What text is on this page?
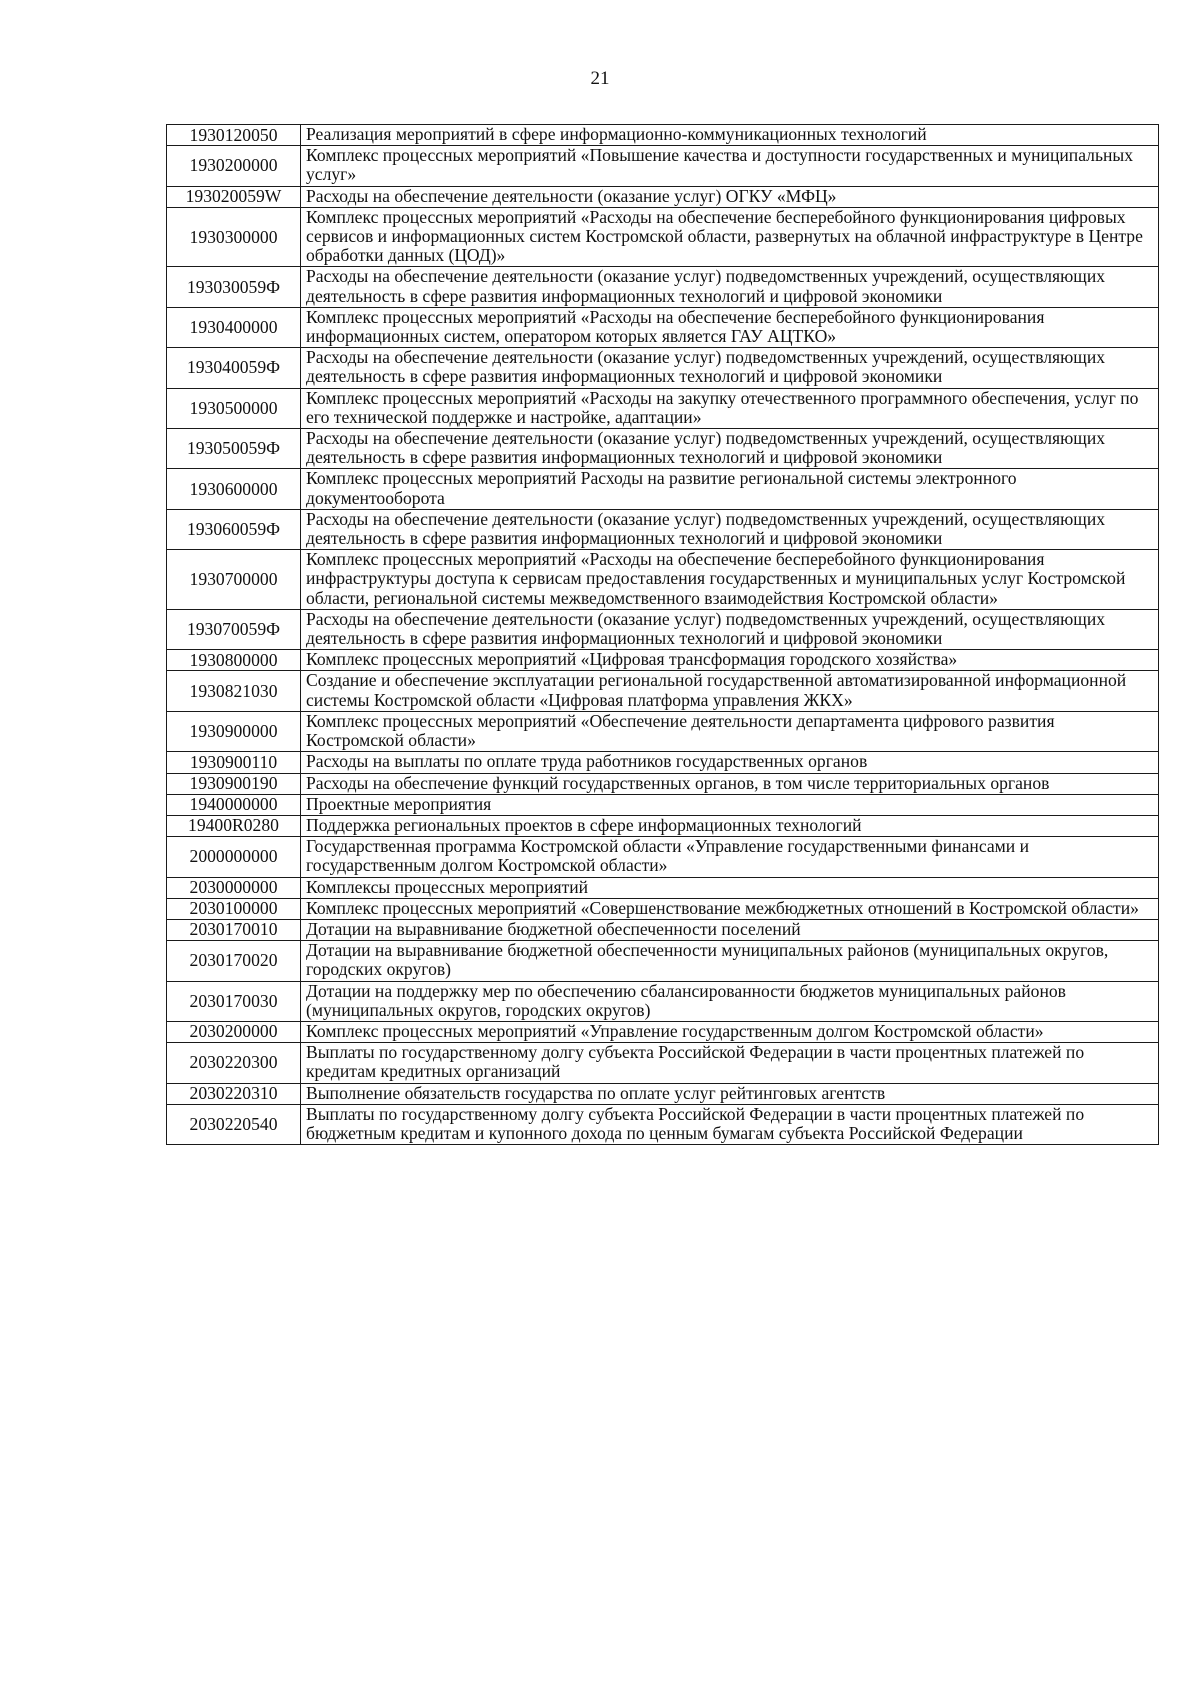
21
1930120050	Реализация мероприятий в сфере информационно-коммуникационных технологий
1930200000	Комплекс процессных мероприятий «Повышение качества и доступности государственных и муниципальных услуг»
193020059W	Расходы на обеспечение деятельности (оказание услуг) ОГКУ «МФЦ»
1930300000	Комплекс процессных мероприятий «Расходы на обеспечение бесперебойного функционирования цифровых сервисов и информационных систем Костромской области, развернутых на облачной инфраструктуре в Центре обработки данных (ЦОД)»
193030059Ф	Расходы на обеспечение деятельности (оказание услуг) подведомственных учреждений, осуществляющих деятельность в сфере развития информационных технологий и цифровой экономики
1930400000	Комплекс процессных мероприятий «Расходы на обеспечение бесперебойного функционирования информационных систем, оператором которых является ГАУ АЦТКО»
193040059Ф	Расходы на обеспечение деятельности (оказание услуг) подведомственных учреждений, осуществляющих деятельность в сфере развития информационных технологий и цифровой экономики
1930500000	Комплекс процессных мероприятий «Расходы на закупку отечественного программного обеспечения, услуг по его технической поддержке и настройке, адаптации»
193050059Ф	Расходы на обеспечение деятельности (оказание услуг) подведомственных учреждений, осуществляющих деятельность в сфере развития информационных технологий и цифровой экономики
1930600000	Комплекс процессных мероприятий Расходы на развитие региональной системы электронного документооборота
193060059Ф	Расходы на обеспечение деятельности (оказание услуг) подведомственных учреждений, осуществляющих деятельность в сфере развития информационных технологий и цифровой экономики
1930700000	Комплекс процессных мероприятий «Расходы на обеспечение бесперебойного функционирования инфраструктуры доступа к сервисам предоставления государственных и муниципальных услуг Костромской области, региональной системы межведомственного взаимодействия Костромской области»
193070059Ф	Расходы на обеспечение деятельности (оказание услуг) подведомственных учреждений, осуществляющих деятельность в сфере развития информационных технологий и цифровой экономики
1930800000	Комплекс процессных мероприятий «Цифровая трансформация городского хозяйства»
1930821030	Создание и обеспечение эксплуатации региональной государственной автоматизированной информационной системы Костромской области «Цифровая платформа управления ЖКХ»
1930900000	Комплекс процессных мероприятий «Обеспечение деятельности департамента цифрового развития Костромской области»
1930900110	Расходы на выплаты по оплате труда работников государственных органов
1930900190	Расходы на обеспечение функций государственных органов, в том числе территориальных органов
1940000000	Проектные мероприятия
19400R0280	Поддержка региональных проектов в сфере информационных технологий
2000000000	Государственная программа Костромской области «Управление государственными финансами и государственным долгом Костромской области»
2030000000	Комплексы процессных мероприятий
2030100000	Комплекс процессных мероприятий «Совершенствование межбюджетных отношений в Костромской области»
2030170010	Дотации на выравнивание бюджетной обеспеченности поселений
2030170020	Дотации на выравнивание бюджетной обеспеченности муниципальных районов (муниципальных округов, городских округов)
2030170030	Дотации на поддержку мер по обеспечению сбалансированности бюджетов муниципальных районов (муниципальных округов, городских округов)
2030200000	Комплекс процессных мероприятий «Управление государственным долгом Костромской области»
2030220300	Выплаты по государственному долгу субъекта Российской Федерации в части процентных платежей по кредитам кредитных организаций
2030220310	Выполнение обязательств государства по оплате услуг рейтинговых агентств
2030220540	Выплаты по государственному долгу субъекта Российской Федерации в части процентных платежей по бюджетным кредитам и купонного дохода по ценным бумагам субъекта Российской Федерации
